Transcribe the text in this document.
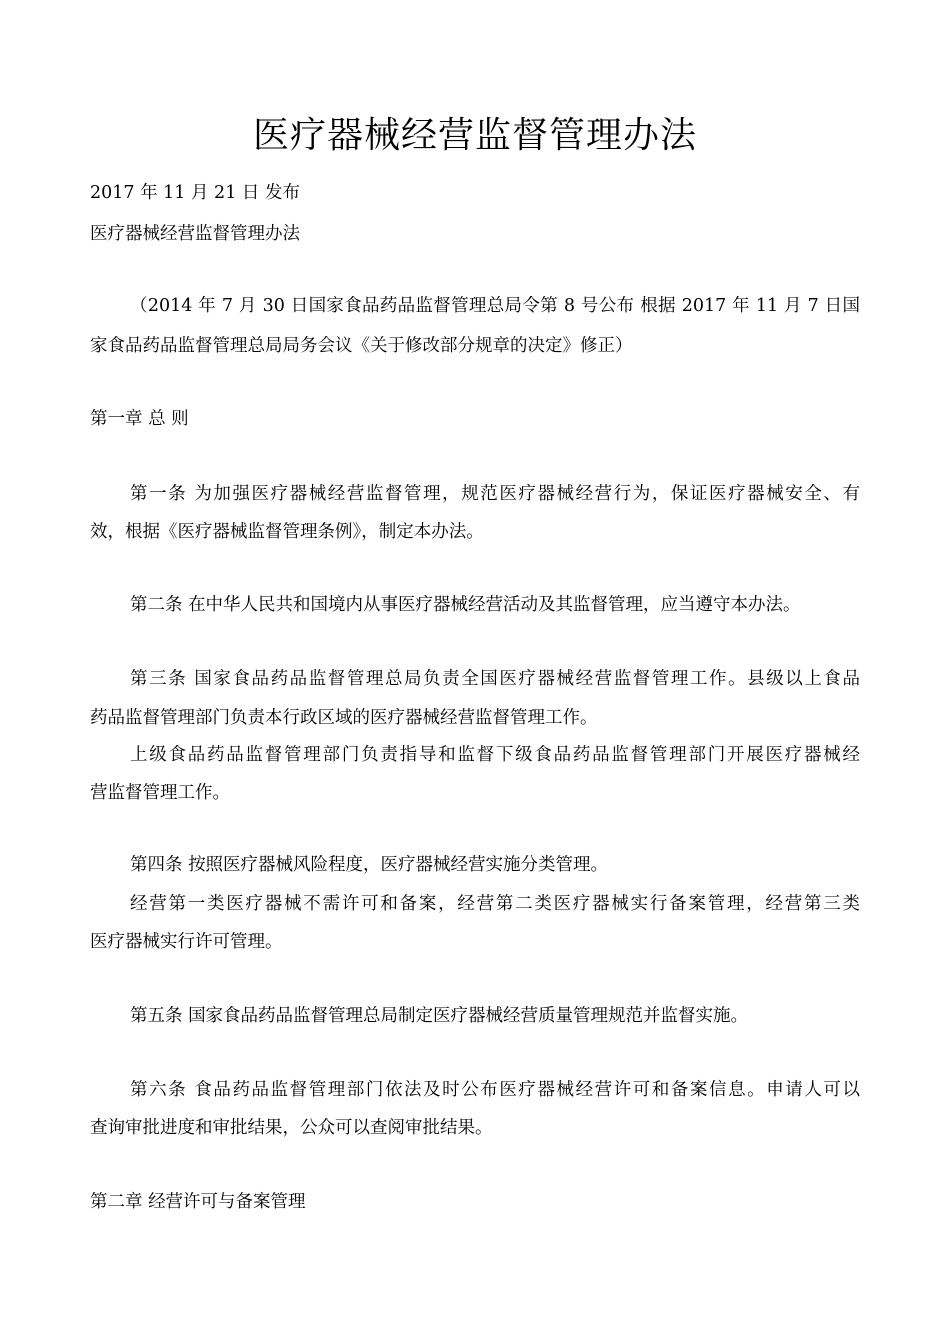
医疗器械经营监督管理办法

2017 年 11 月 21 日 发布

医疗器械经营监督管理办法

（2014 年 7 月 30 日国家食品药品监督管理总局令第 8 号公布 根据 2017 年 11 月 7 日国

家食品药品监督管理总局局务会议《关于修改部分规章的决定》修正）

第一章 总 则

第一条 为加强医疗器械经营监督管理，规范医疗器械经营行为，保证医疗器械安全、有

效，根据《医疗器械监督管理条例》，制定本办法。

第二条 在中华人民共和国境内从事医疗器械经营活动及其监督管理，应当遵守本办法。

第三条 国家食品药品监督管理总局负责全国医疗器械经营监督管理工作。县级以上食品

药品监督管理部门负责本行政区域的医疗器械经营监督管理工作。

上级食品药品监督管理部门负责指导和监督下级食品药品监督管理部门开展医疗器械经

营监督管理工作。

第四条 按照医疗器械风险程度，医疗器械经营实施分类管理。

经营第一类医疗器械不需许可和备案，经营第二类医疗器械实行备案管理，经营第三类

医疗器械实行许可管理。

第五条 国家食品药品监督管理总局制定医疗器械经营质量管理规范并监督实施。

第六条 食品药品监督管理部门依法及时公布医疗器械经营许可和备案信息。申请人可以

查询审批进度和审批结果，公众可以查阅审批结果。

第二章 经营许可与备案管理
